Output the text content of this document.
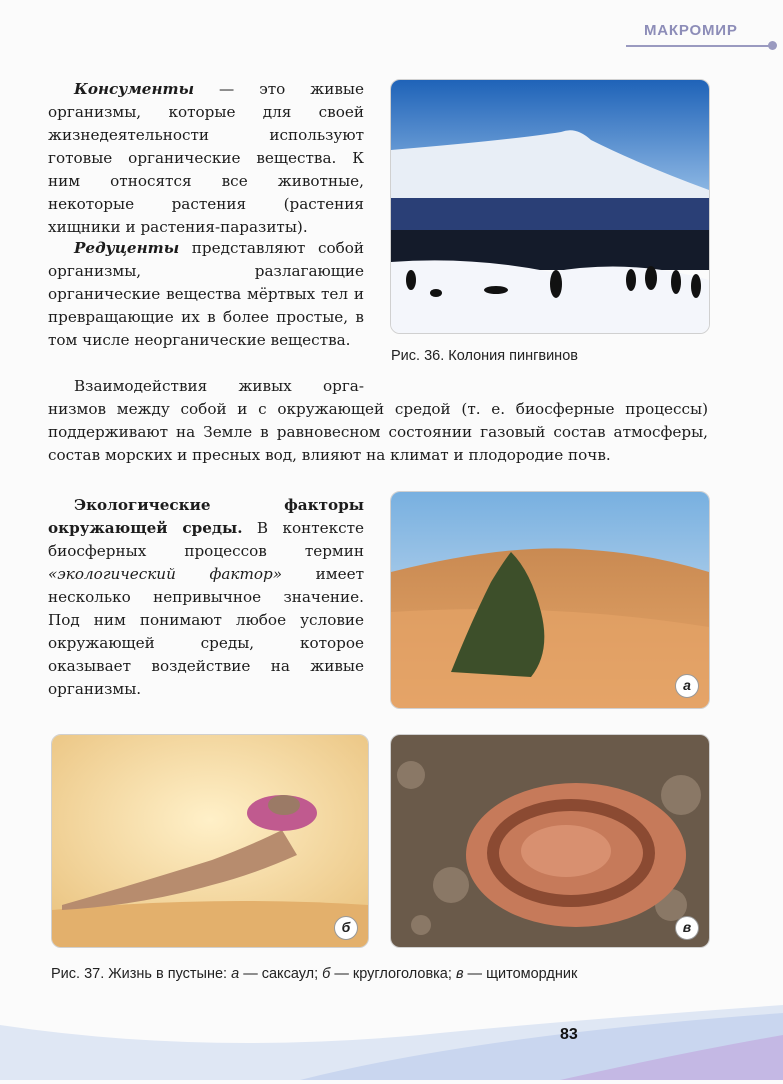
МАКРОМИР

Консументы — это живые организмы, которые для своей жизнедеятельности используют готовые органические вещества. К ним относятся все животные, некоторые растения (растения хищники и растения-паразиты).

Редуценты представляют собой организмы, разлагающие органические вещества мёртвых тел и превращающие их в более простые, в том числе неорганические вещества.

Взаимодействия живых орга-

низмов между собой и с окружающей средой (т. е. биосферные процессы) поддерживают на Земле в равновесном состоянии газовый состав атмосферы, состав морских и пресных вод, влияют на климат и плодородие почв.

Экологические факторы окружающей среды. В контексте биосферных процессов термин «экологический фактор» имеет несколько непривычное значение. Под ним понимают любое условие окружающей среды, которое оказывает воздействие на живые организмы.

Рис. 36. Колония пингвинов
а
б	в
Рис. 37. Жизнь в пустыне: а — саксаул; б — круглоголовка; в — щитомордник
83
